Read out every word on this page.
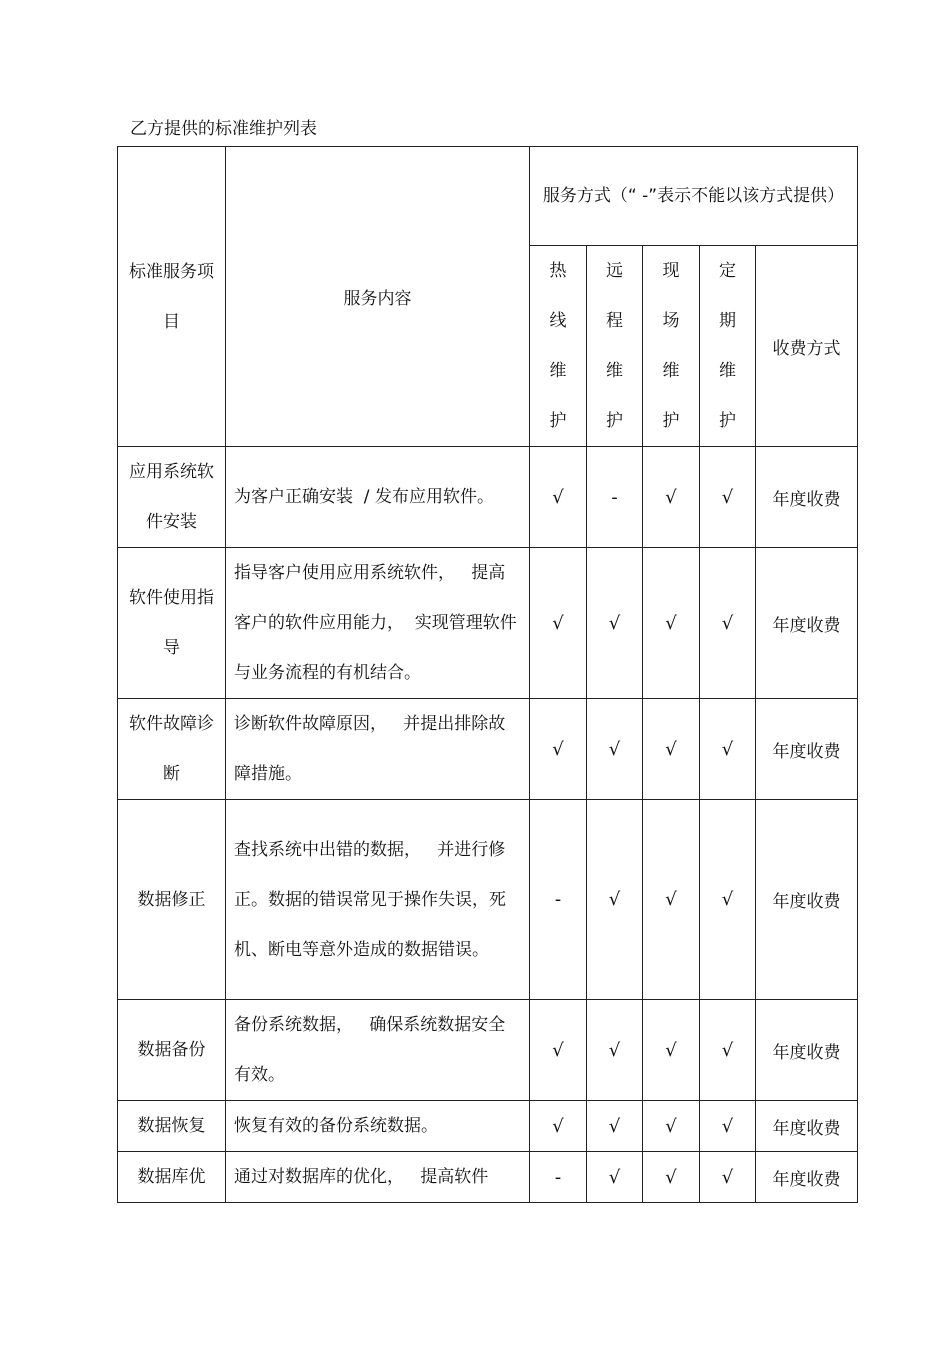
乙方提供的标准维护列表
标准服务项目	服务内容	服务方式（“ -”表示不能以该方式提供）				
		热线维护	远程维护	现场维护	定期维护	收费方式
应用系统软件安装	为客户正确安装  / 发布应用软件。	√	-	√	√	年度收费
软件使用指导	指导客户使用应用系统软件，   提高客户的软件应用能力，  实现管理软件与业务流程的有机结合。	√	√	√	√	年度收费
软件故障诊断	诊断软件故障原因，   并提出排除故障措施。	√	√	√	√	年度收费
数据修正	查找系统中出错的数据，   并进行修正。数据的错误常见于操作失误，死机、断电等意外造成的数据错误。	-	√	√	√	年度收费
数据备份	备份系统数据，   确保系统数据安全有效。	√	√	√	√	年度收费
数据恢复	恢复有效的备份系统数据。	√	√	√	√	年度收费
数据库优	通过对数据库的优化，   提高软件	-	√	√	√	年度收费
